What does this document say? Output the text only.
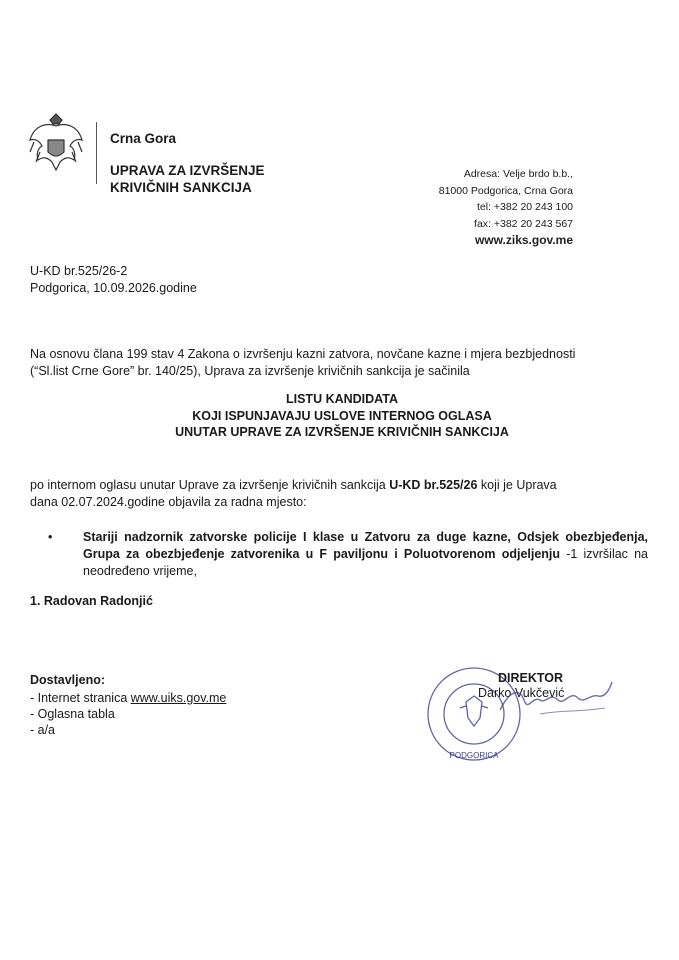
Crna Gora
UPRAVA ZA IZVRŠENJE
KRIVIČNIH SANKCIJA
Adresa: Velje brdo b.b.,
81000 Podgorica, Crna Gora
tel: +382 20 243 100
fax: +382 20 243 567
www.ziks.gov.me
U-KD br.525/26-2
Podgorica, 10.09.2026.godine
Na osnovu člana 199 stav 4 Zakona o izvršenju kazni zatvora, novčane kazne i mjera bezbjednosti
(“Sl.list Crne Gore” br. 140/25), Uprava za izvršenje krivičnih sankcija je sačinila
LISTU KANDIDATA
KOJI ISPUNJAVAJU USLOVE INTERNOG OGLASA
UNUTAR UPRAVE ZA IZVRŠENJE KRIVIČNIH SANKCIJA
po internom oglasu unutar Uprave za izvršenje krivičnih sankcija U-KD br.525/26 koji je Uprava
dana 02.07.2024.godine objavila za radna mjesto:
• Stariji nadzornik zatvorske policije I klase u Zatvoru za duge kazne, Odsjek obezbjeđenja, Grupa za obezbjeđenje zatvorenika u F paviljonu i Poluotvorenom odjeljenju -1 izvršilac na neodređeno vrijeme,
1. Radovan Radonjić
Dostavljeno:
- Internet stranica www.uiks.gov.me
- Oglasna tabla
- a/a
PODGORICA
DIREKTOR
Darko Vukčević
